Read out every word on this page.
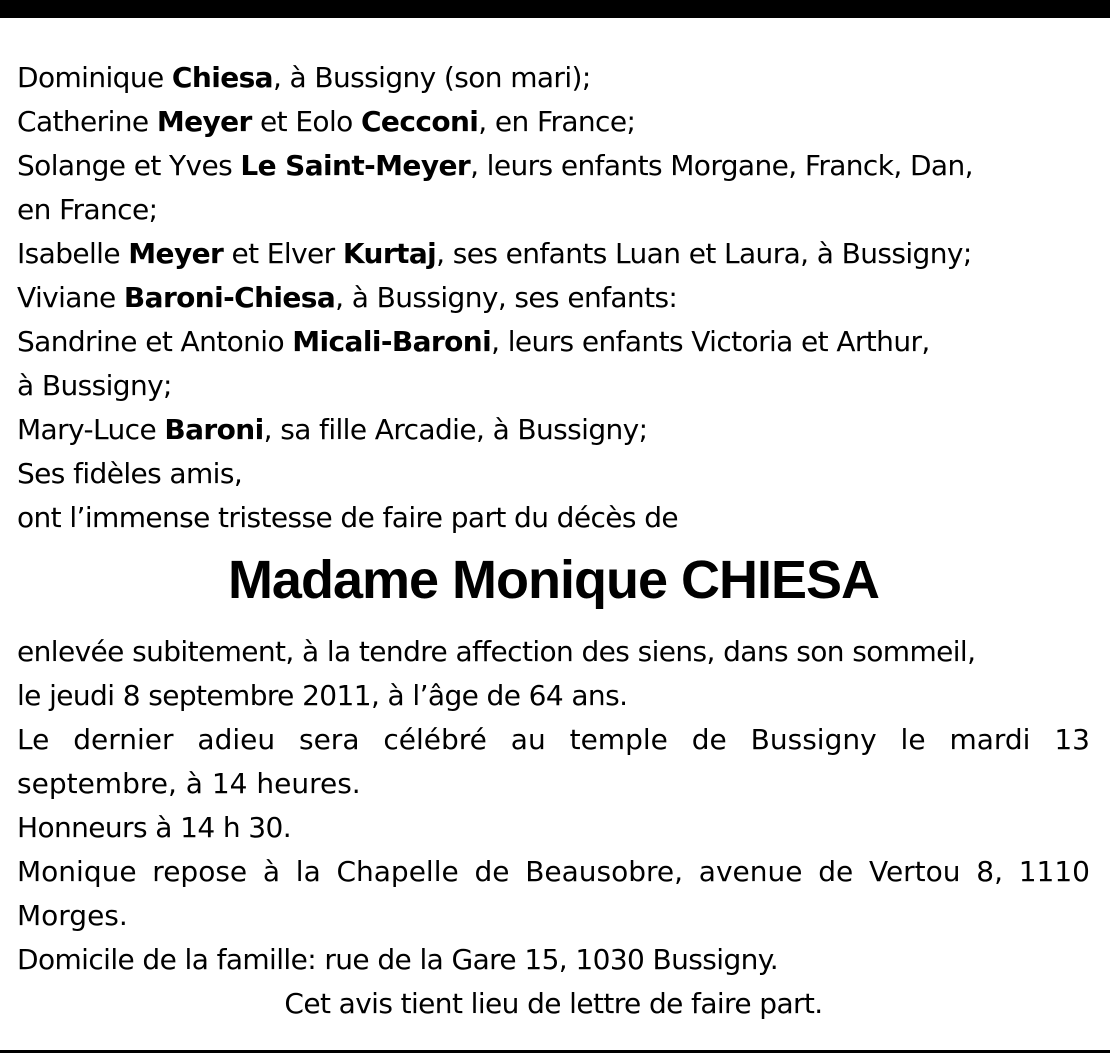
Dominique Chiesa, à Bussigny (son mari);
Catherine Meyer et Eolo Cecconi, en France;
Solange et Yves Le Saint-Meyer, leurs enfants Morgane, Franck, Dan,
en France;
Isabelle Meyer et Elver Kurtaj, ses enfants Luan et Laura, à Bussigny;
Viviane Baroni-Chiesa, à Bussigny, ses enfants:
Sandrine et Antonio Micali-Baroni, leurs enfants Victoria et Arthur,
à Bussigny;
Mary-Luce Baroni, sa fille Arcadie, à Bussigny;
Ses fidèles amis,
ont l’immense tristesse de faire part du décès de
Madame Monique CHIESA
enlevée subitement, à la tendre affection des siens, dans son sommeil,
le jeudi 8 septembre 2011, à l’âge de 64 ans.
Le dernier adieu sera célébré au temple de Bussigny le mardi 13 septembre, à 14 heures.
Honneurs à 14 h 30.
Monique repose à la Chapelle de Beausobre, avenue de Vertou 8, 1110 Morges.
Domicile de la famille: rue de la Gare 15, 1030 Bussigny.
Cet avis tient lieu de lettre de faire part.
